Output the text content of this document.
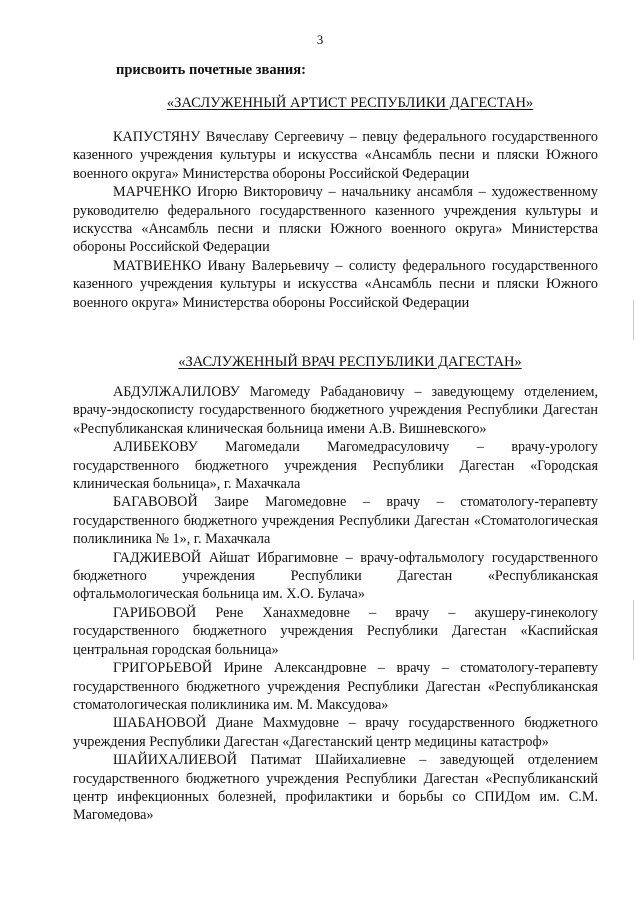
3
присвоить почетные звания:
«ЗАСЛУЖЕННЫЙ АРТИСТ РЕСПУБЛИКИ ДАГЕСТАН»

КАПУСТЯНУ Вячеславу Сергеевичу – певцу федерального государственного казенного учреждения культуры и искусства «Ансамбль песни и пляски Южного военного округа» Министерства обороны Российской Федерации

МАРЧЕНКО Игорю Викторовичу – начальнику ансамбля – художественному руководителю федерального государственного казенного учреждения культуры и искусства «Ансамбль песни и пляски Южного военного округа» Министерства обороны Российской Федерации

МАТВИЕНКО Ивану Валерьевичу – солисту федерального государственного казенного учреждения культуры и искусства «Ансамбль песни и пляски Южного военного округа» Министерства обороны Российской Федерации

«ЗАСЛУЖЕННЫЙ ВРАЧ РЕСПУБЛИКИ ДАГЕСТАН»

АБДУЛЖАЛИЛОВУ Магомеду Рабадановичу – заведующему отделением, врачу-эндоскописту государственного бюджетного учреждения Республики Дагестан «Республиканская клиническая больница имени А.В. Вишневского»

АЛИБЕКОВУ Магомедали Магомедрасуловичу – врачу-урологу государственного бюджетного учреждения Республики Дагестан «Городская клиническая больница», г. Махачкала

БАГАВОВОЙ Заире Магомедовне – врачу – стоматологу-терапевту государственного бюджетного учреждения Республики Дагестан «Стоматологическая поликлиника № 1», г. Махачкала

ГАДЖИЕВОЙ Айшат Ибрагимовне – врачу-офтальмологу государственного бюджетного учреждения Республики Дагестан «Республиканская офтальмологическая больница им. Х.О. Булача»

ГАРИБОВОЙ Рене Ханахмедовне – врачу – акушеру-гинекологу государственного бюджетного учреждения Республики Дагестан «Каспийская центральная городская больница»

ГРИГОРЬЕВОЙ Ирине Александровне – врачу – стоматологу-терапевту государственного бюджетного учреждения Республики Дагестан «Республиканская стоматологическая поликлиника им. М. Максудова»

ШАБАНОВОЙ Диане Махмудовне – врачу государственного бюджетного учреждения Республики Дагестан «Дагестанский центр медицины катастроф»

ШАЙИХАЛИЕВОЙ Патимат Шайихалиевне – заведующей отделением государственного бюджетного учреждения Республики Дагестан «Республиканский центр инфекционных болезней, профилактики и борьбы со СПИДом им. С.М. Магомедова»
